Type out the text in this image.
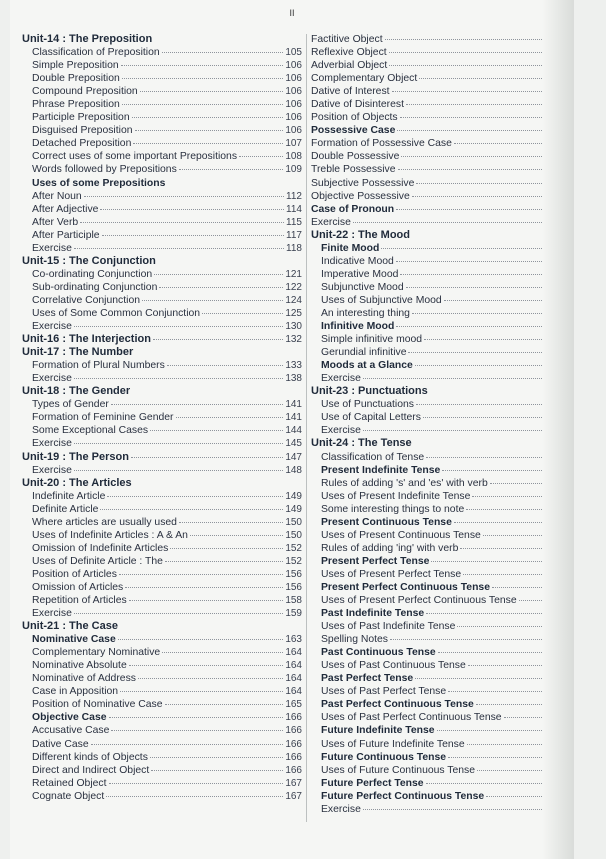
II
Unit-14 : The Preposition
Classification of Preposition	105
Simple Preposition	106
Double Preposition	106
Compound Preposition	106
Phrase Preposition	106
Participle Preposition	106
Disguised Preposition	106
Detached Preposition	107
Correct uses of some important Prepositions	108
Words followed by Prepositions	109
Uses of some Prepositions
After Noun	112
After Adjective	114
After Verb	115
After Participle	117
Exercise	118
Unit-15 : The Conjunction
Co-ordinating Conjunction	121
Sub-ordinating Conjunction	122
Correlative Conjunction	124
Uses of Some Common Conjunction	125
Exercise	130
Unit-16 : The Interjection	132
Unit-17 : The Number
Formation of Plural Numbers	133
Exercise	138
Unit-18 : The Gender
Types of Gender	141
Formation of Feminine Gender	141
Some Exceptional Cases	144
Exercise	145
Unit-19 : The Person	147
Exercise	148
Unit-20 : The Articles
Indefinite Article	149
Definite Article	149
Where articles are usually used	150
Uses of Indefinite Articles : A & An	150
Omission of Indefinite Articles	152
Uses of Definite Article : The	152
Position of Articles	156
Omission of Articles	156
Repetition of Articles	158
Exercise	159
Unit-21 : The Case
Nominative Case	163
Complementary Nominative	164
Nominative Absolute	164
Nominative of Address	164
Case in Apposition	164
Position of Nominative Case	165
Objective Case	166
Accusative Case	166
Dative Case	166
Different kinds of Objects	166
Direct and Indirect Object	166
Retained Object	167
Cognate Object	167
Factitive Object
Reflexive Object
Adverbial Object
Complementary Object
Dative of Interest
Dative of Disinterest
Position of Objects
Possessive Case
Formation of Possessive Case
Double Possessive
Treble Possessive
Subjective Possessive
Objective Possessive
Case of Pronoun
Exercise
Unit-22 : The Mood
Finite Mood
Indicative Mood
Imperative Mood
Subjunctive Mood
Uses of Subjunctive Mood
An interesting thing
Infinitive Mood
Simple infinitive mood
Gerundial infinitive
Moods at a Glance
Exercise
Unit-23 : Punctuations
Use of Punctuations
Use of Capital Letters
Exercise
Unit-24 : The Tense
Classification of Tense
Present Indefinite Tense
Rules of adding 's' and 'es' with verb
Uses of Present Indefinite Tense
Some interesting things to note
Present Continuous Tense
Uses of Present Continuous Tense
Rules of adding 'ing' with verb
Present Perfect Tense
Uses of Present Perfect Tense
Present Perfect Continuous Tense
Uses of Present Perfect Continuous Tense
Past Indefinite Tense
Uses of Past Indefinite Tense
Spelling Notes
Past Continuous Tense
Uses of Past Continuous Tense
Past Perfect Tense
Uses of Past Perfect Tense
Past Perfect Continuous Tense
Uses of Past Perfect Continuous Tense
Future Indefinite Tense
Uses of Future Indefinite Tense
Future Continuous Tense
Uses of Future Continuous Tense
Future Perfect Tense
Future Perfect Continuous Tense
Exercise
